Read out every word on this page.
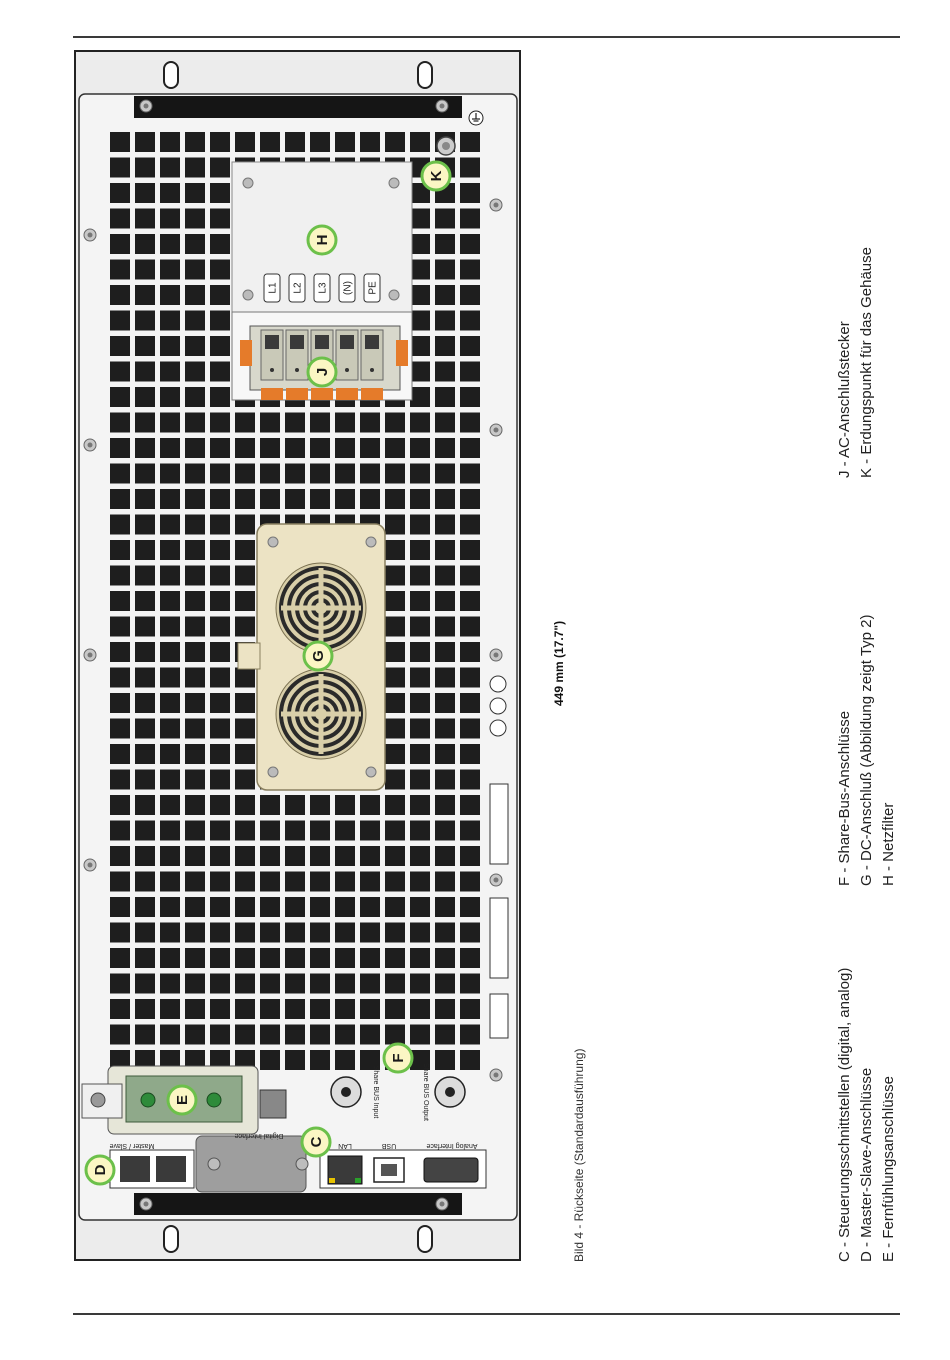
L1 L2 L3 (N) PE
Master / Slave
Digital Interface
LAN	USB	Analog Interface
Share BUS Input	Share BUS Output
C
D
E
F
G
H
J
K
449 mm (17.7")
Bild 4 - Rückseite (Standardausführung)	C - Steuerungsschnittstellen (digital, analog) D - Master-Slave-Anschlüsse E - Fernfühlungsanschlüsse
F - Share-Bus-Anschlüsse G - DC-Anschluß (Abbildung zeigt Typ 2) H - Netzfilter
J - AC-Anschlußstecker K - Erdungspunkt für das Gehäuse
